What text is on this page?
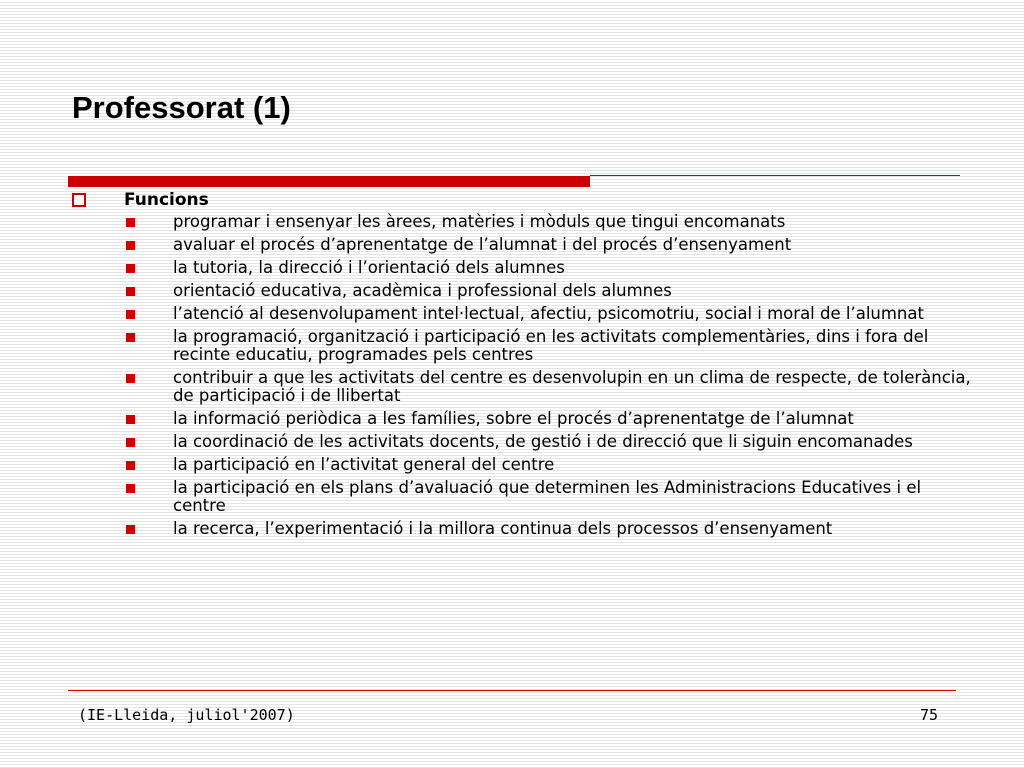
Professorat (1)
Funcions
programar i ensenyar les àrees, matèries i mòduls que tingui encomanats
avaluar el procés d’aprenentatge de l’alumnat i del procés d’ensenyament
la tutoria, la direcció i l’orientació dels alumnes
orientació educativa, acadèmica i professional dels alumnes
l’atenció al desenvolupament intel·lectual, afectiu, psicomotriu, social i moral de l’alumnat
la programació, organització i participació en les activitats complementàries, dins i fora del recinte educatiu, programades pels centres
contribuir a que les activitats del centre es desenvolupin en un clima de respecte, de tolerància, de participació i de llibertat
la informació periòdica a les famílies, sobre el procés d’aprenentatge de l’alumnat
la coordinació de les activitats docents, de gestió i de direcció que li siguin encomanades
la participació en l’activitat general del centre
la participació en els plans d’avaluació que determinen les Administracions Educatives i el centre
la recerca, l’experimentació i la millora continua dels processos d’ensenyament
(IE-Lleida, juliol'2007)	75
